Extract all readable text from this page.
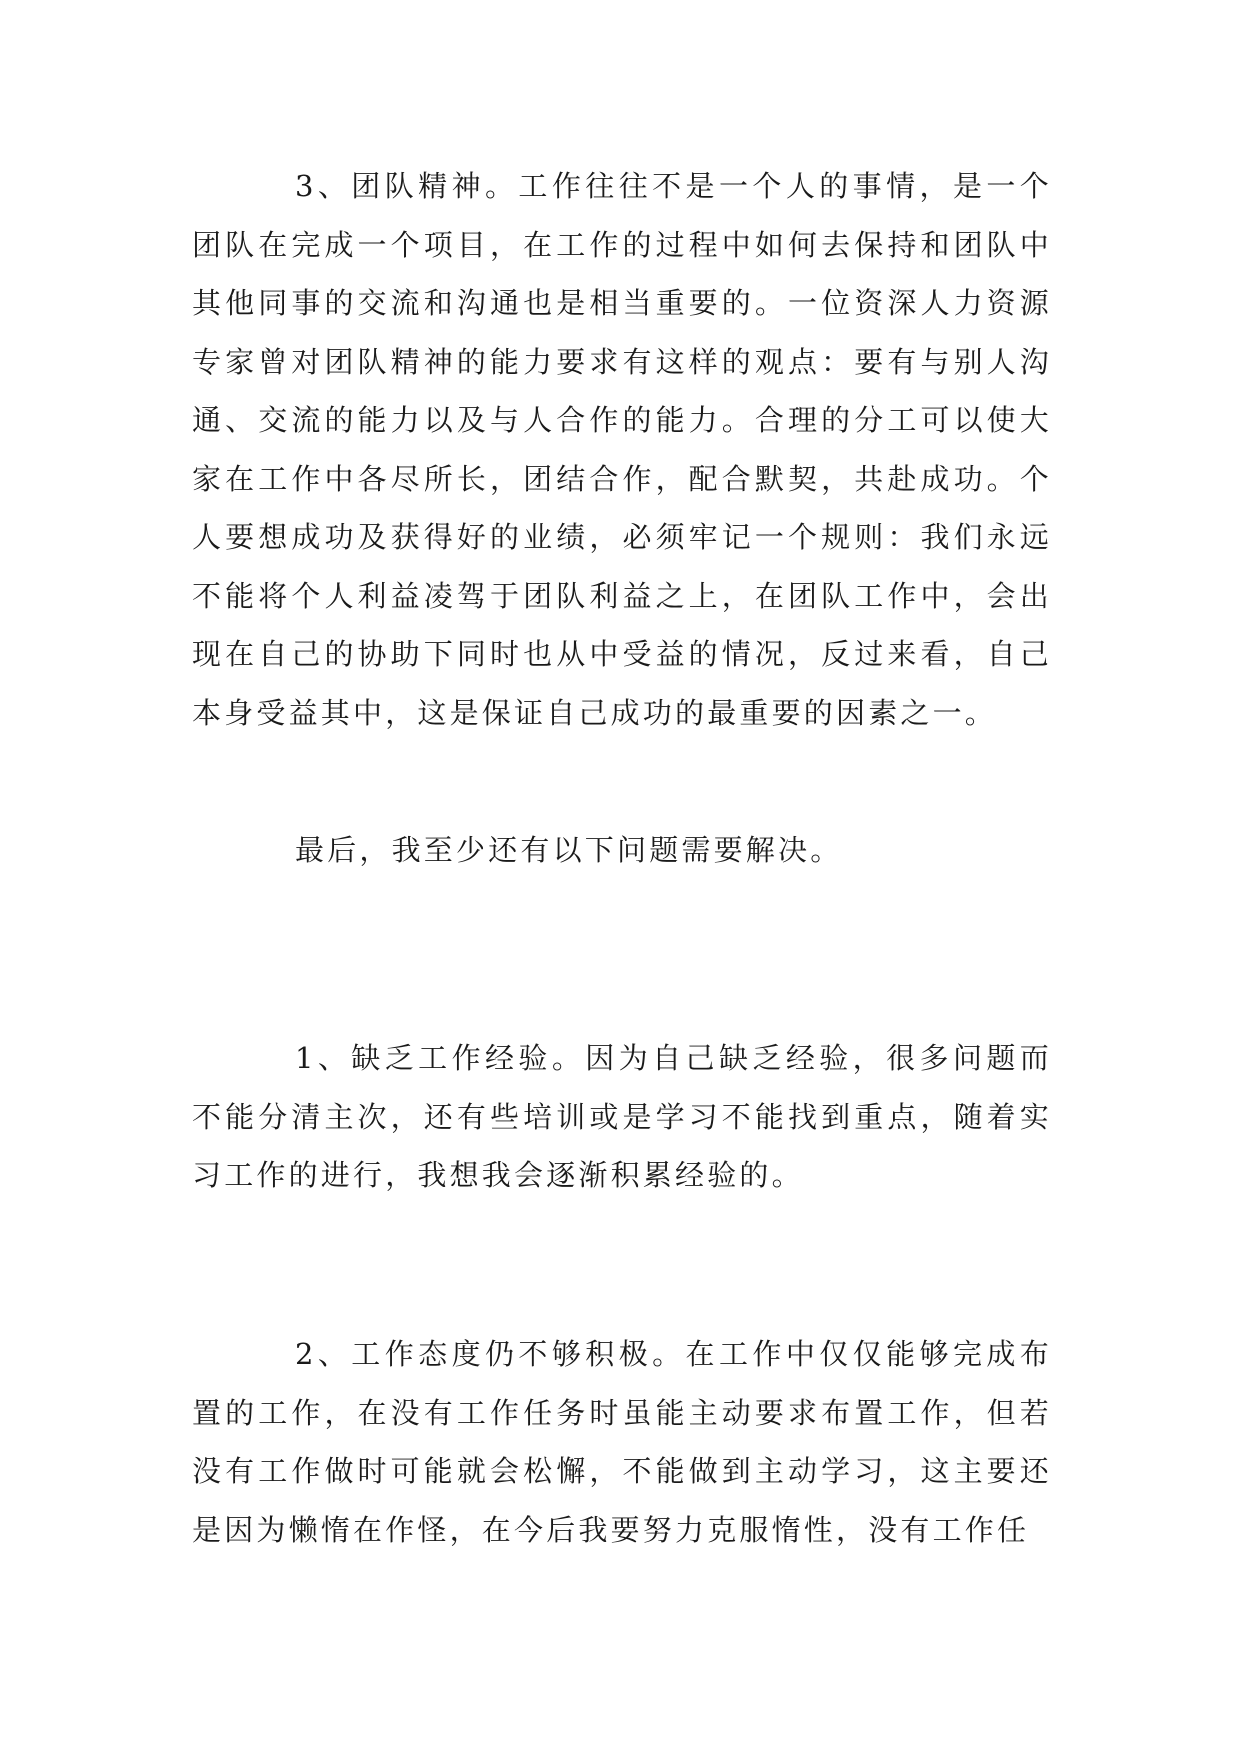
3、团队精神。工作往往不是一个人的事情，是一个团队在完成一个项目，在工作的过程中如何去保持和团队中其他同事的交流和沟通也是相当重要的。一位资深人力资源专家曾对团队精神的能力要求有这样的观点：要有与别人沟通、交流的能力以及与人合作的能力。合理的分工可以使大家在工作中各尽所长，团结合作，配合默契，共赴成功。个人要想成功及获得好的业绩，必须牢记一个规则：我们永远不能将个人利益凌驾于团队利益之上，在团队工作中，会出现在自己的协助下同时也从中受益的情况，反过来看，自己本身受益其中，这是保证自己成功的最重要的因素之一。

最后，我至少还有以下问题需要解决。

1、缺乏工作经验。因为自己缺乏经验，很多问题而不能分清主次，还有些培训或是学习不能找到重点，随着实习工作的进行，我想我会逐渐积累经验的。

2、工作态度仍不够积极。在工作中仅仅能够完成布置的工作，在没有工作任务时虽能主动要求布置工作，但若没有工作做时可能就会松懈，不能做到主动学习，这主要还是因为懒惰在作怪，在今后我要努力克服惰性，没有工作任
